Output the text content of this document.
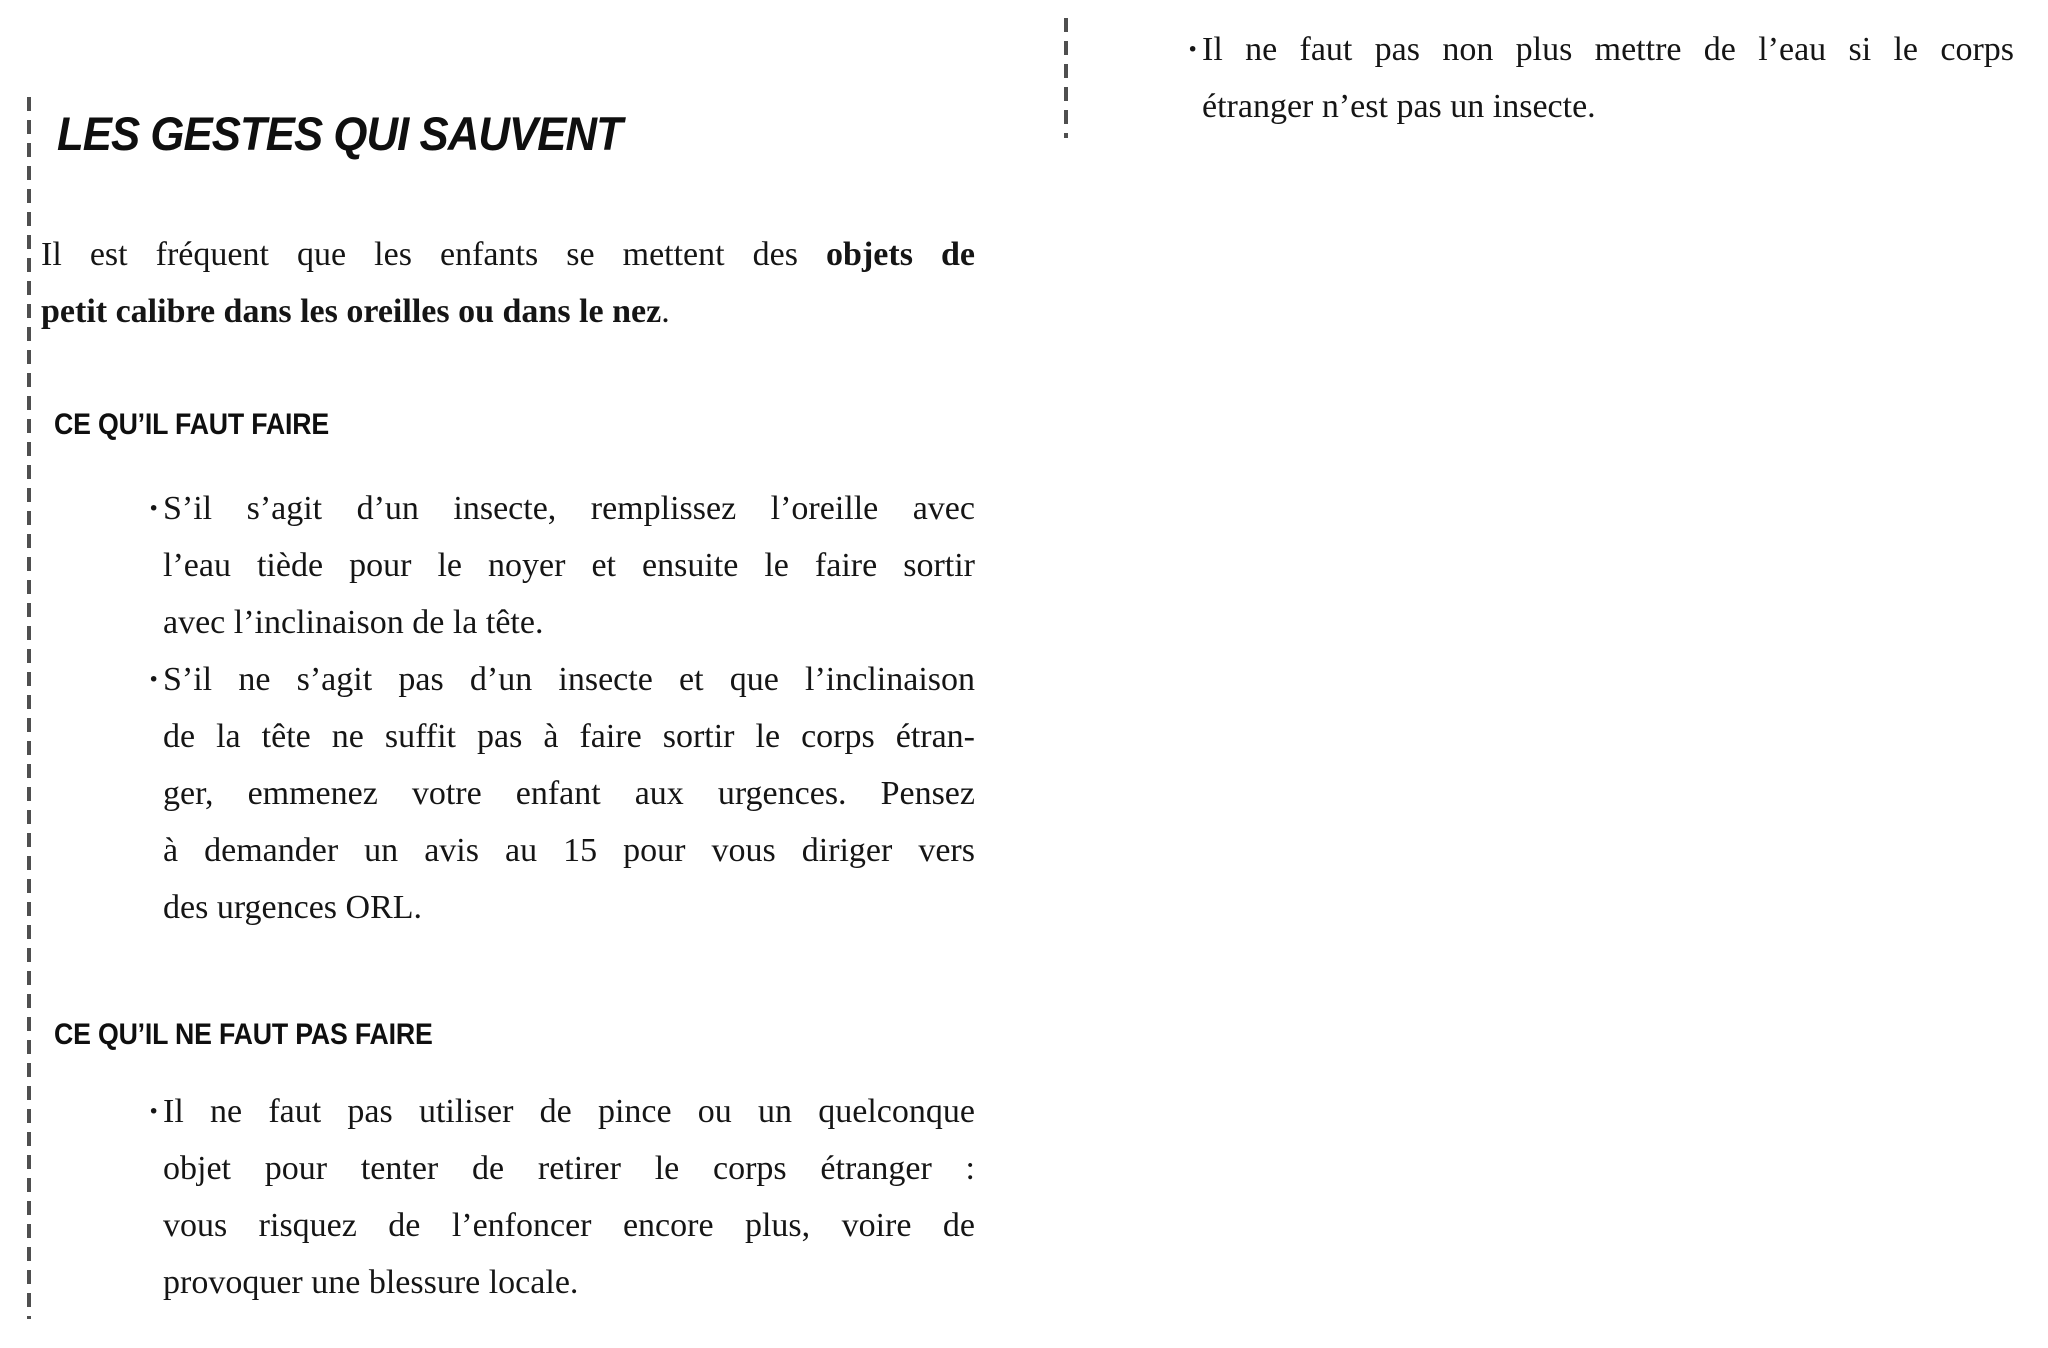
LES GESTES QUI SAUVENT
Il est fréquent que les enfants se mettent des objets de
petit calibre dans les oreilles ou dans le nez.
CE QU’IL FAUT FAIRE
· S’il s’agit d’un insecte, remplissez l’oreille avec
l’eau tiède pour le noyer et ensuite le faire sortir
avec l’inclinaison de la tête.
· S’il ne s’agit pas d’un insecte et que l’inclinaison
de la tête ne suffit pas à faire sortir le corps étran-
ger, emmenez votre enfant aux urgences. Pensez
à demander un avis au 15 pour vous diriger vers
des urgences ORL.
CE QU’IL NE FAUT PAS FAIRE
· Il ne faut pas utiliser de pince ou un quelconque
objet pour tenter de retirer le corps étranger :
vous risquez de l’enfoncer encore plus, voire de
provoquer une blessure locale.
· Il ne faut pas non plus mettre de l’eau si le corps
étranger n’est pas un insecte.
